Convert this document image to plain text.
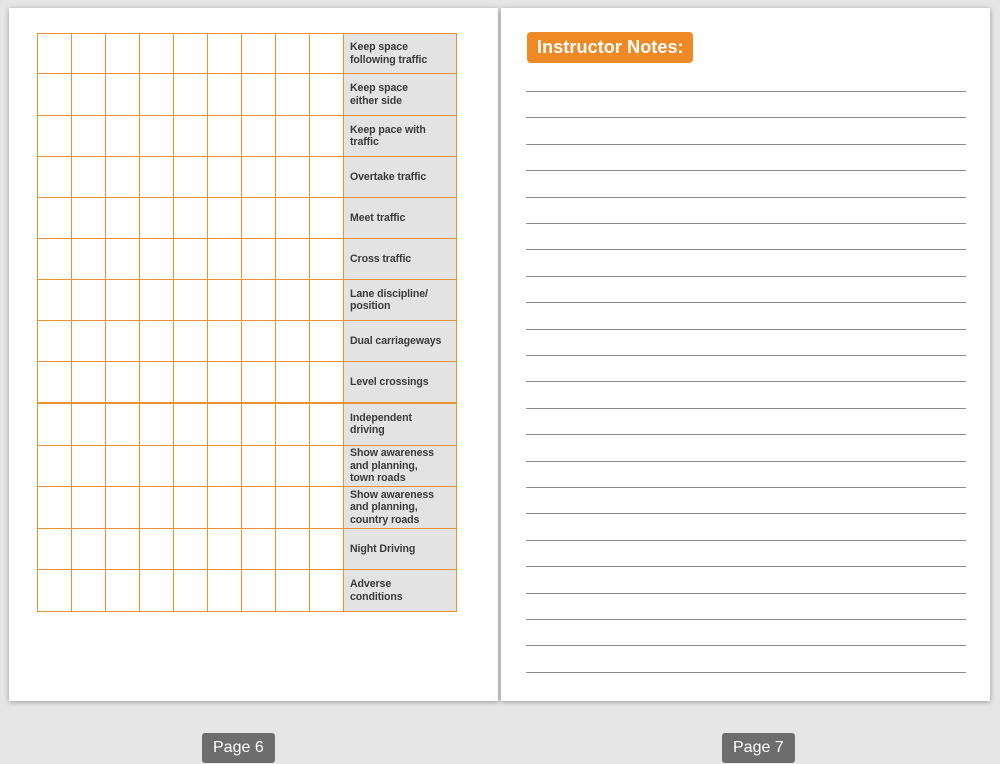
									Keep space
following traffic
									Keep space
either side
									Keep pace with
traffic
									Overtake traffic
									Meet traffic
									Cross traffic
									Lane discipline/
position
									Dual carriageways
									Level crossings
									Independent
driving
									Show awareness
and planning,
town roads
									Show awareness
and planning,
country roads
									Night Driving
									Adverse
conditions
Instructor Notes:
Page 6	Page 7
